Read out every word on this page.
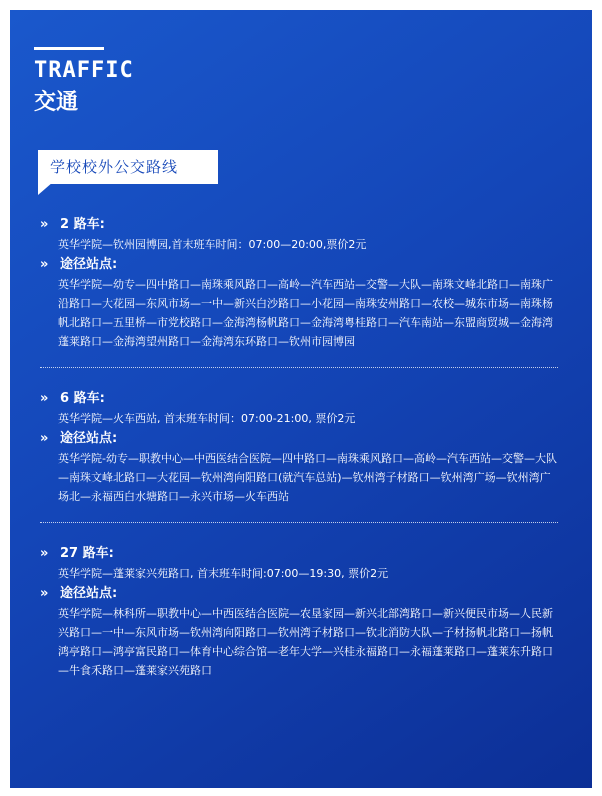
TRAFFIC
交通
学校校外公交路线
»	2 路车:
英华学院—钦州园博园,首末班车时间：07:00—20:00,票价2元
»	途径站点:
英华学院—幼专—四中路口—南珠乘风路口—高岭—汽车西站—交警—大队—南珠文峰北路口—南珠广沿路口—大花园—东风市场—一中—新兴白沙路口—小花园—南珠安州路口—农校—城东市场—南珠杨帆北路口—五里桥—市党校路口—金海湾杨帆路口—金海湾粤桂路口—汽车南站—东盟商贸城—金海湾蓬莱路口—金海湾望州路口—金海湾东环路口—钦州市园博园
»	6 路车:
英华学院—火车西站, 首末班车时间：07:00-21:00, 票价2元
»	途径站点:
英华学院-幼专—职教中心—中西医结合医院—四中路口—南珠乘风路口—高岭—汽车西站—交警—大队—南珠文峰北路口—大花园—钦州湾向阳路口(就汽车总站)—钦州湾子材路口—钦州湾广场—钦州湾广场北—永福西白水塘路口—永兴市场—火车西站
»	27 路车:
英华学院—蓬莱家兴苑路口, 首末班车时间:07:00—19:30, 票价2元
»	途径站点:
英华学院—林科所—职教中心—中西医结合医院—农垦家园—新兴北部湾路口—新兴便民市场—人民新兴路口—一中—东风市场—钦州湾向阳路口—钦州湾子材路口—钦北消防大队—子材扬帆北路口—扬帆鸿亭路口—鸿亭富民路口—体育中心综合馆—老年大学—兴桂永福路口—永福蓬莱路口—蓬莱东升路口—牛食禾路口—蓬莱家兴苑路口
